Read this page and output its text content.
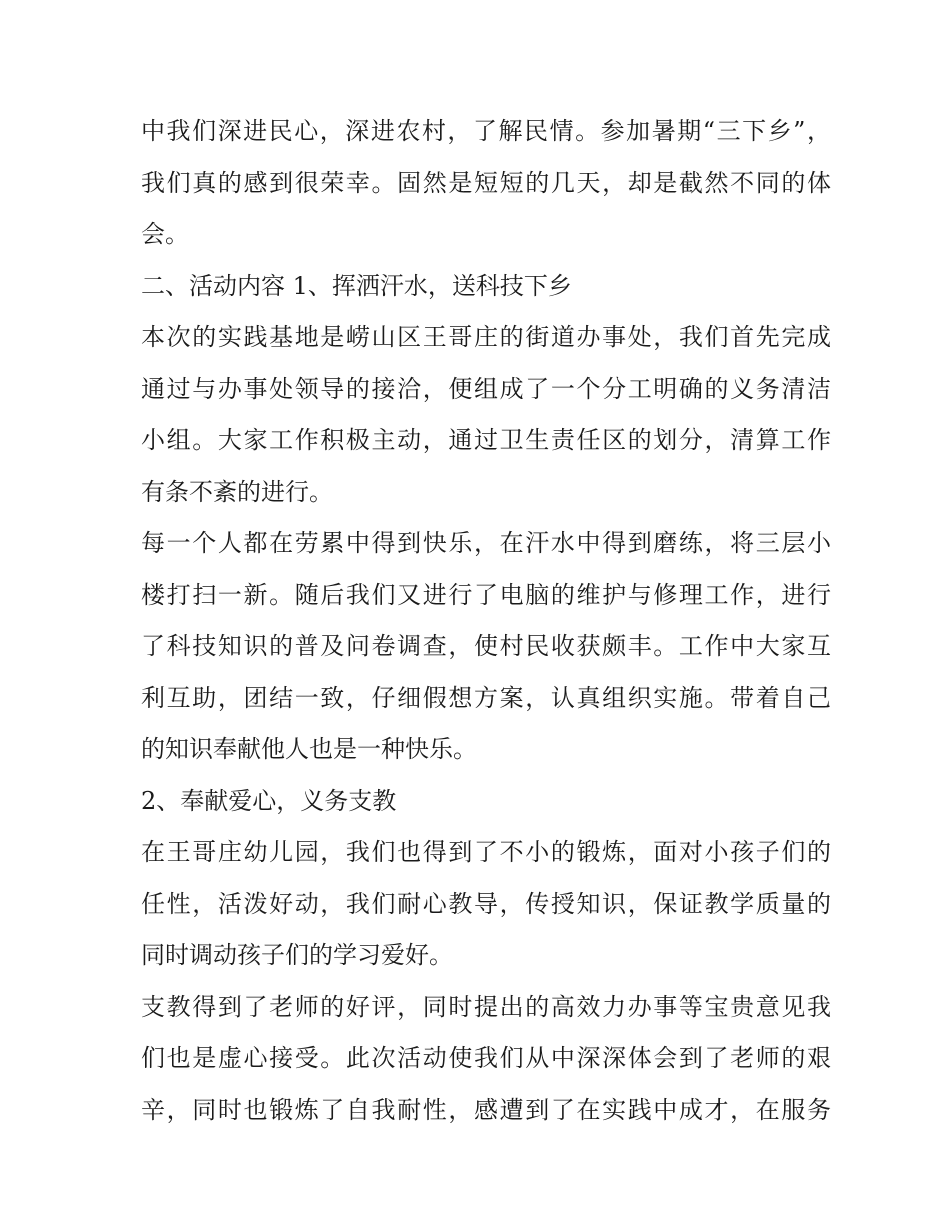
中我们深进民心，深进农村，了解民情。参加暑期“三下乡”，
我们真的感到很荣幸。固然是短短的几天，却是截然不同的体
会。
二、活动内容 1、挥洒汗水，送科技下乡
本次的实践基地是崂山区王哥庄的街道办事处，我们首先完成
通过与办事处领导的接洽，便组成了一个分工明确的义务清洁
小组。大家工作积极主动，通过卫生责任区的划分，清算工作
有条不紊的进行。
每一个人都在劳累中得到快乐，在汗水中得到磨练，将三层小
楼打扫一新。随后我们又进行了电脑的维护与修理工作，进行
了科技知识的普及问卷调查，使村民收获颇丰。工作中大家互
利互助，团结一致，仔细假想方案，认真组织实施。带着自己
的知识奉献他人也是一种快乐。
2、奉献爱心，义务支教
在王哥庄幼儿园，我们也得到了不小的锻炼，面对小孩子们的
任性，活泼好动，我们耐心教导，传授知识，保证教学质量的
同时调动孩子们的学习爱好。
支教得到了老师的好评，同时提出的高效力办事等宝贵意见我
们也是虚心接受。此次活动使我们从中深深体会到了老师的艰
辛，同时也锻炼了自我耐性，感遭到了在实践中成才，在服务
